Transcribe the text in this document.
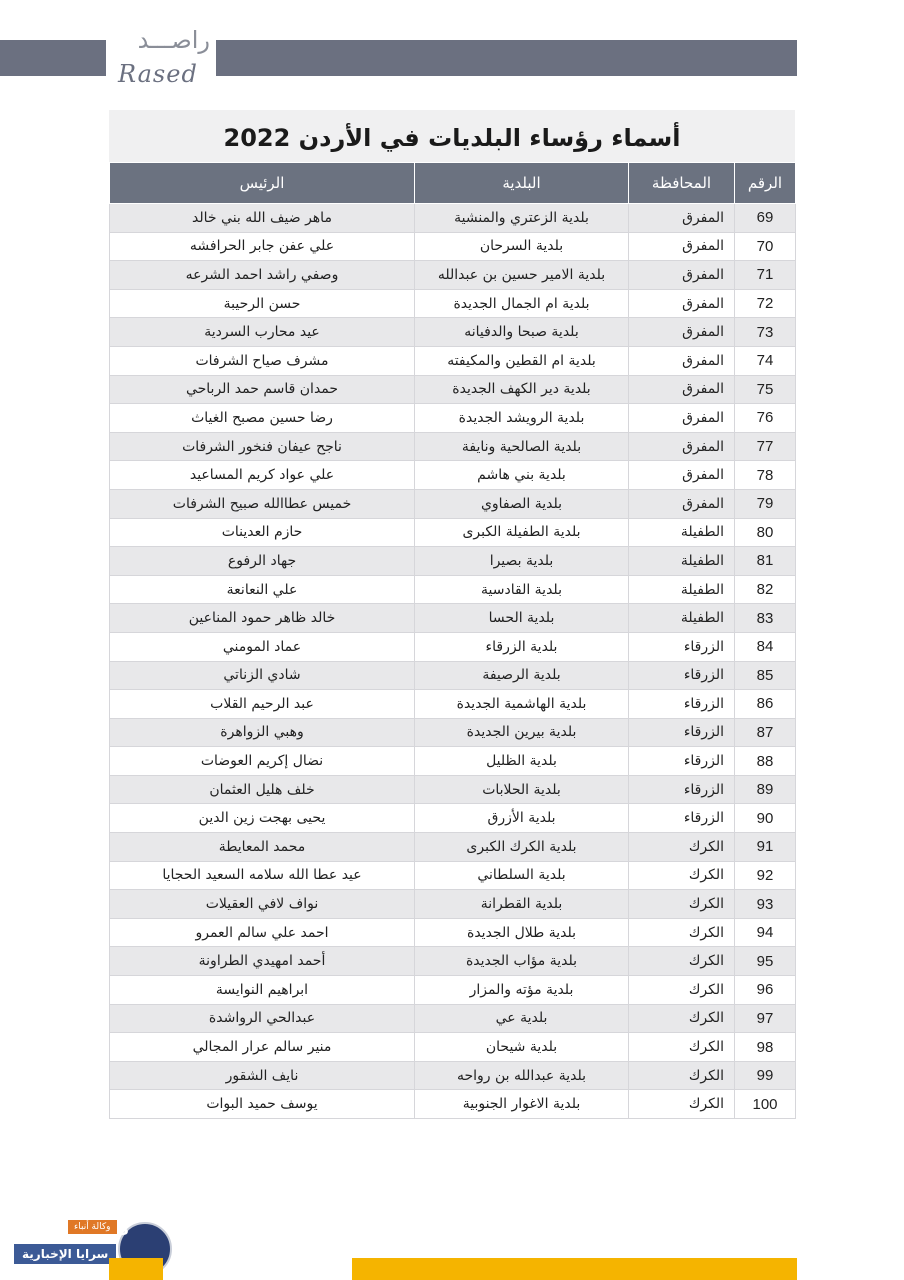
راصـــد
Rased
أسماء رؤساء البلديات في الأردن 2022
الرقم	المحافظة	البلدية	الرئيس
69	المفرق	بلدية الزعتري والمنشية	ماهر ضيف الله بني خالد
70	المفرق	بلدية السرحان	علي عفن جابر الحرافشه
71	المفرق	بلدية الامير حسين بن عبدالله	وصفي راشد احمد الشرعه
72	المفرق	بلدية ام الجمال الجديدة	حسن الرحيبة
73	المفرق	بلدية صبحا والدفيانه	عيد محارب السردية
74	المفرق	بلدية ام القطين والمكيفته	مشرف صياح الشرفات
75	المفرق	بلدية دير الكهف الجديدة	حمدان قاسم حمد الرباحي
76	المفرق	بلدية الرويشد الجديدة	رضا حسين مصبح الغياث
77	المفرق	بلدية الصالحية ونايفة	ناجح عيفان فنخور الشرفات
78	المفرق	بلدية بني هاشم	علي عواد كريم المساعيد
79	المفرق	بلدية الصفاوي	خميس عطاالله صبيح الشرفات
80	الطفيلة	بلدية الطفيلة الكبرى	حازم العدينات
81	الطفيلة	بلدية بصيرا	جهاد الرفوع
82	الطفيلة	بلدية القادسية	علي النعانعة
83	الطفيلة	بلدية الحسا	خالد ظاهر حمود المناعين
84	الزرقاء	بلدية الزرقاء	عماد المومني
85	الزرقاء	بلدية الرصيفة	شادي الزناتي
86	الزرقاء	بلدية الهاشمية الجديدة	عبد الرحيم القلاب
87	الزرقاء	بلدية بيرين الجديدة	وهبي الزواهرة
88	الزرقاء	بلدية الظليل	نضال إكريم العوضات
89	الزرقاء	بلدية الحلابات	خلف هليل العثمان
90	الزرقاء	بلدية الأزرق	يحيى بهجت زين الدين
91	الكرك	بلدية الكرك الكبرى	محمد المعايطة
92	الكرك	بلدية السلطاني	عيد عطا الله سلامه السعيد الحجايا
93	الكرك	بلدية القطرانة	نواف لافي العقيلات
94	الكرك	بلدية طلال الجديدة	احمد علي سالم العمرو
95	الكرك	بلدية مؤاب الجديدة	أحمد امهيدي الطراونة
96	الكرك	بلدية مؤته والمزار	ابراهيم النوايسة
97	الكرك	بلدية عي	عبدالحي الرواشدة
98	الكرك	بلدية شيحان	منير سالم عرار المجالي
99	الكرك	بلدية عبدالله بن رواحه	نايف الشقور
100	الكرك	بلدية الاغوار الجنوبية	يوسف حميد البوات
وكالة أنباء
سرايا الإخبارية
3
